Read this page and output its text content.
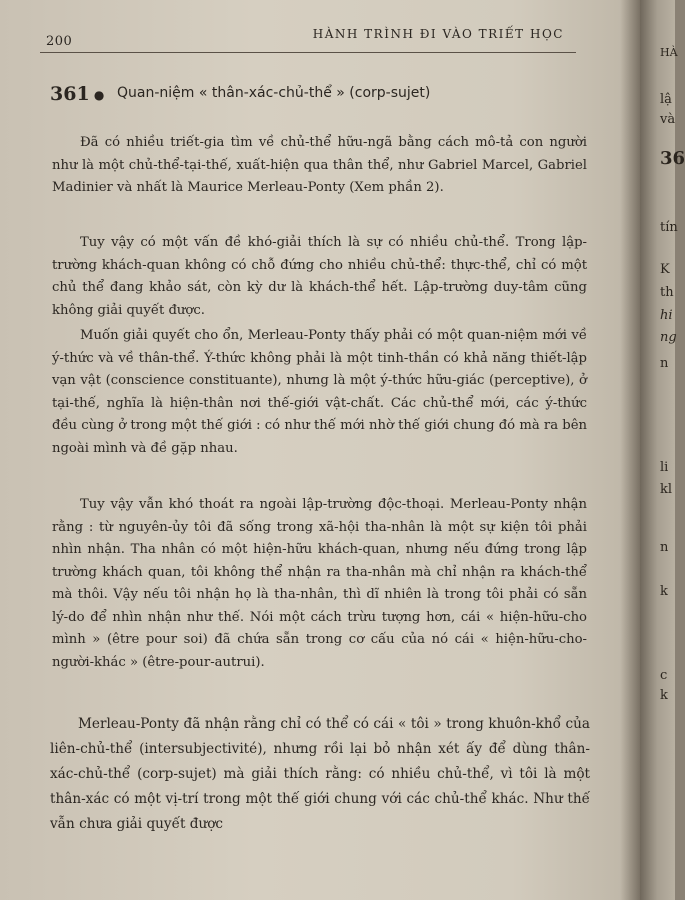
200	HÀNH TRÌNH ĐI VÀO TRIẾT HỌC
361 ● Quan-niệm « thân-xác-chủ-thể » (corp-sujet)

Đã có nhiều triết-gia tìm về chủ-thể hữu-ngã bằng cách mô-tả con người như là một chủ-thể-tại-thế, xuất-hiện qua thân thể, như Gabriel Marcel, Gabriel Madinier và nhất là Maurice Merleau-Ponty (Xem phần 2).

Tuy vậy có một vấn đề khó-giải thích là sự có nhiều chủ-thể. Trong lập-trường khách-quan không có chỗ đứng cho nhiều chủ-thể: thực-thể, chỉ có một chủ thể đang khảo sát, còn kỳ dư là khách-thể hết. Lập-trường duy-tâm cũng không giải quyết được.

Muốn giải quyết cho ổn, Merleau-Ponty thấy phải có một quan-niệm mới về ý-thức và về thân-thể. Ý-thức không phải là một tinh-thần có khả năng thiết-lập vạn vật (conscience constituante), nhưng là một ý-thức hữu-giác (perceptive), ở tại-thế, nghĩa là hiện-thân nơi thế-giới vật-chất. Các chủ-thể mới, các ý-thức đều cùng ở trong một thế giới : có như thế mới nhờ thế giới chung đó mà ra bên ngoài mình và đề gặp nhau.

Tuy vậy vẫn khó thoát ra ngoài lập-trường độc-thoại. Merleau-Ponty nhận rằng : từ nguyên-ủy tôi đã sống trong xã-hội tha-nhân là một sự kiện tôi phải nhìn nhận. Tha nhân có một hiện-hữu khách-quan, nhưng nếu đứng trong lập trường khách quan, tôi không thể nhận ra tha-nhân mà chỉ nhận ra khách-thể mà thôi. Vậy nếu tôi nhận họ là tha-nhân, thì dĩ nhiên là trong tôi phải có sẵn lý-do để nhìn nhận như thế. Nói một cách trừu tượng hơn, cái « hiện-hữu-cho mình » (être pour soi) đã chứa sẵn trong cơ cấu của nó cái « hiện-hữu-cho-người-khác » (être-pour-autrui).

Merleau-Ponty đã nhận rằng chỉ có thể có cái « tôi » trong khuôn-khổ của liên-chủ-thể (intersubjectivité), nhưng rồi lại bỏ nhận xét ấy để dùng thân-xác-chủ-thể (corp-sujet) mà giải thích rằng: có nhiều chủ-thể, vì tôi là một thân-xác có một vị-trí trong một thế giới chung với các chủ-thể khác. Như thế vẫn chưa giải quyết được

HÀ
lậ
và
36
tín
K
th
hi
ng
n
li
kl
n
k
c
k
